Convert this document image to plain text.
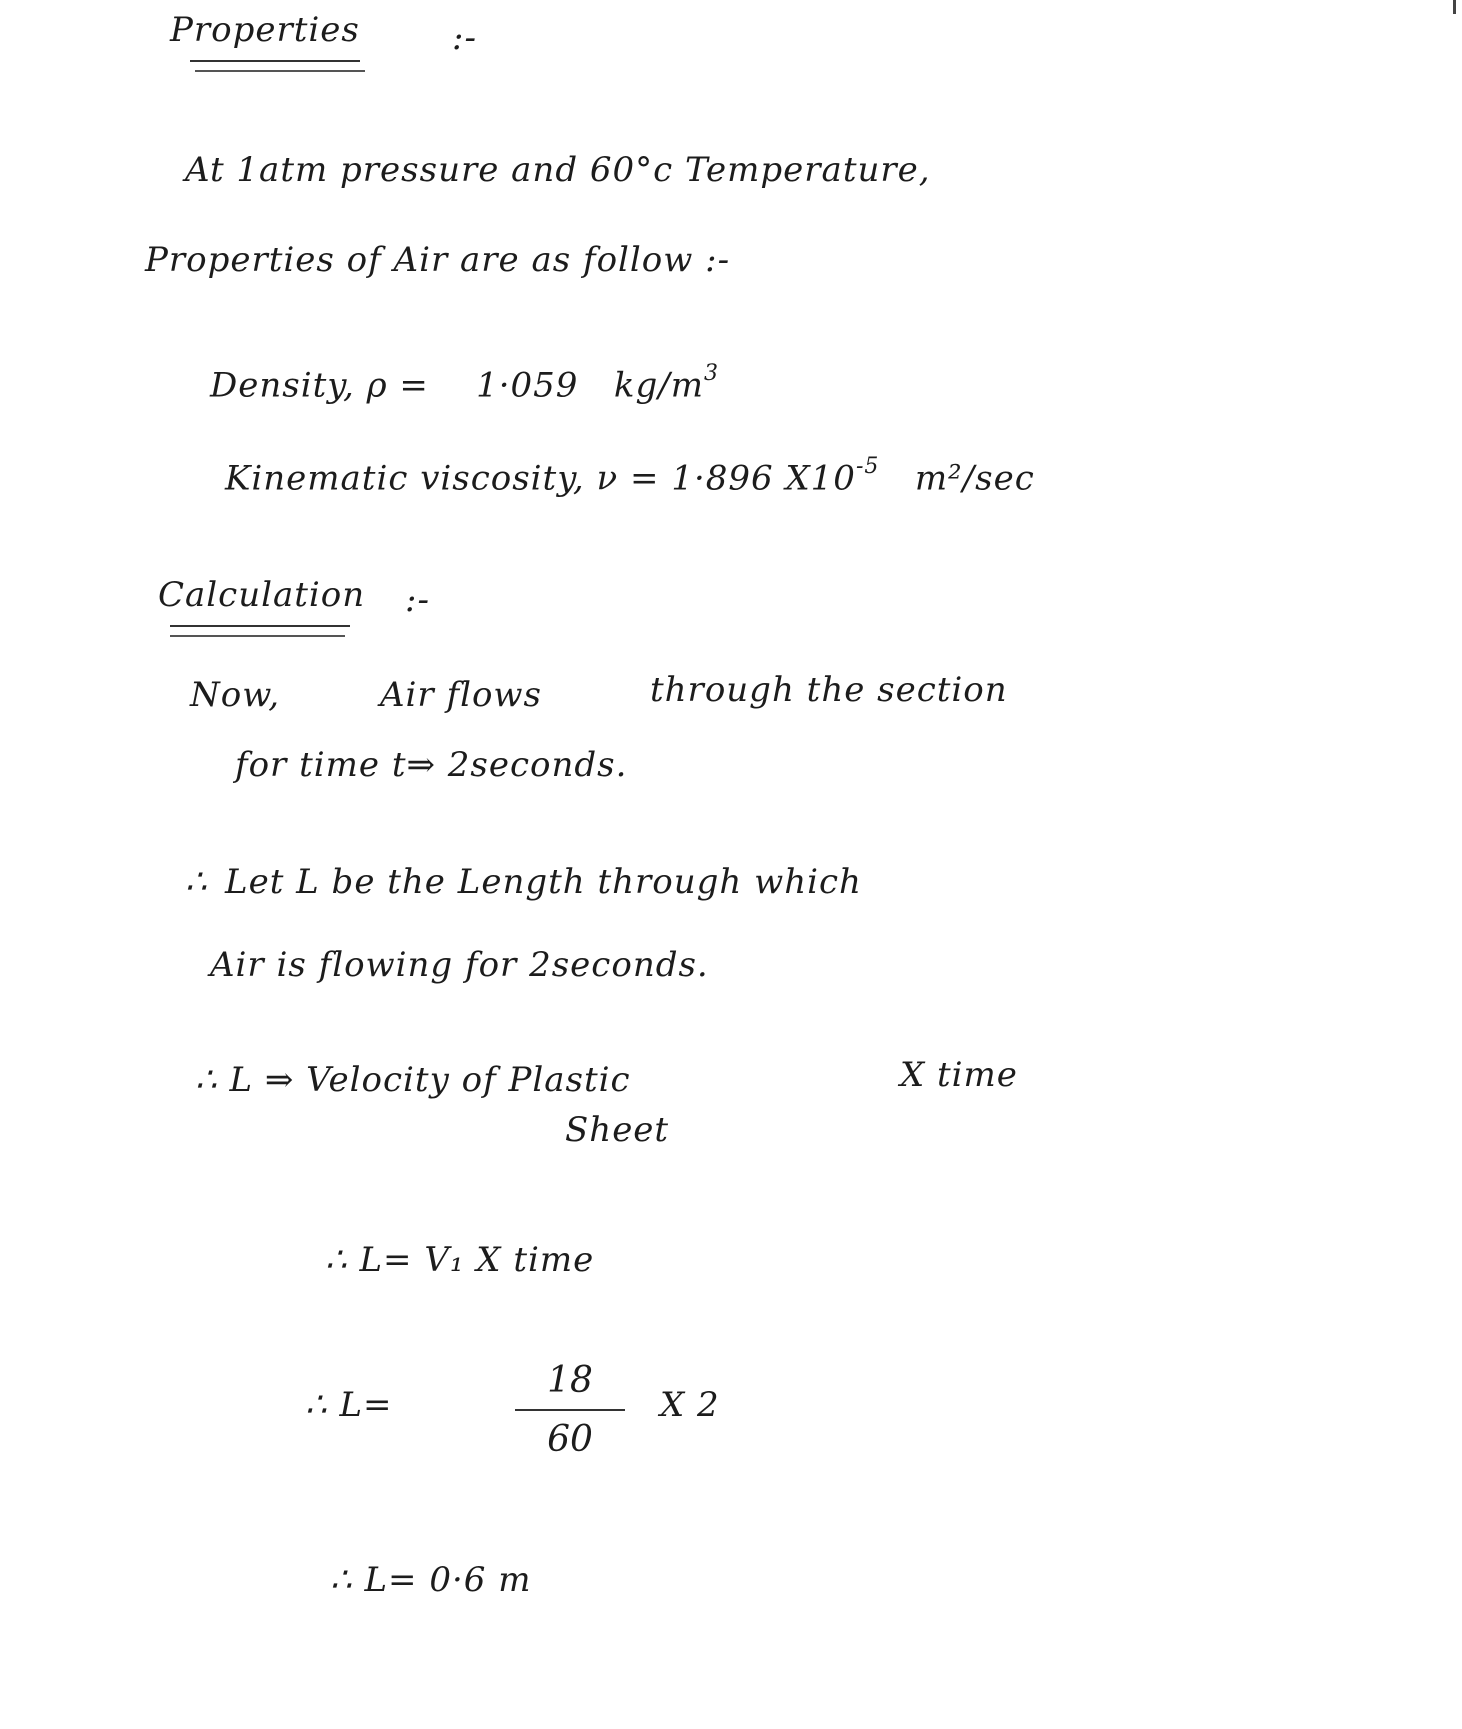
Properties	:-
At 1atm pressure and 60°c Temperature,
Properties of Air are as follow :-
Density, ρ = 1·059 $kg/m^3$
Kinematic viscosity, ν = 1·896 $X10^{-5}$ m²/sec
Calculation :-
Now,	Air flows	through the section
for time t⇒ 2seconds.
∴ Let L be the Length through which
Air is flowing for 2seconds.
∴ L ⇒ Velocity of Plastic	X time
Sheet
∴ L= V₁ X time
∴ L=
18
60
X 2
∴ L= 0·6 m
